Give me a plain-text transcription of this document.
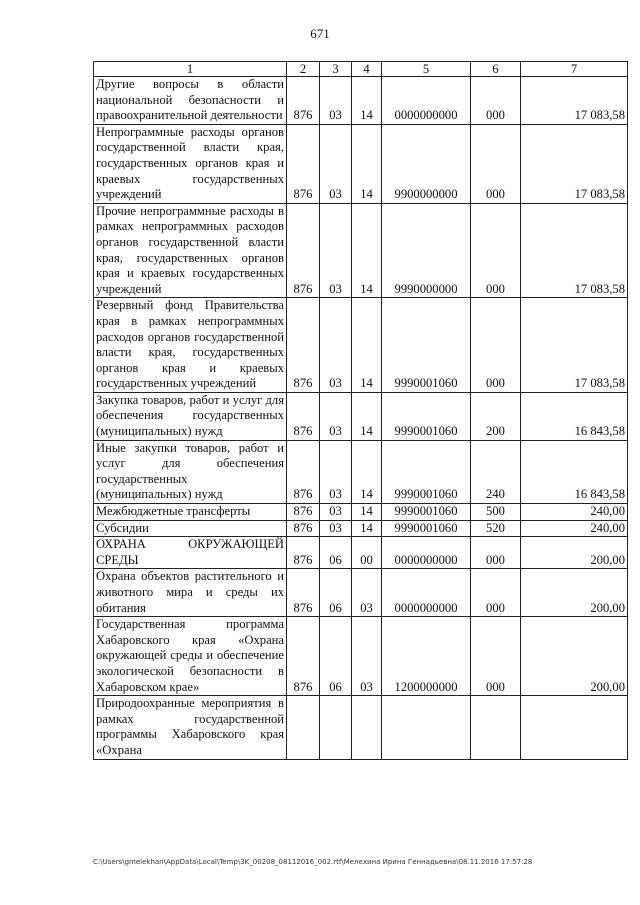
671
1	2	3	4	5	6	7
Другие вопросы в области национальной безопасности и правоохранительной деятельности	876	03	14	0000000000	000	17 083,58
Непрограммные расходы органов государственной власти края, государственных органов края и краевых государственных учреждений	876	03	14	9900000000	000	17 083,58
Прочие непрограммные расходы в рамках непрограммных расходов органов государственной власти края, государственных органов края и краевых государственных учреждений	876	03	14	9990000000	000	17 083,58
Резервный фонд Правительства края в рамках непрограммных расходов органов государственной власти края, государственных органов края и краевых государственных учреждений	876	03	14	9990001060	000	17 083,58
Закупка товаров, работ и услуг для обеспечения государственных (муниципальных) нужд	876	03	14	9990001060	200	16 843,58
Иные закупки товаров, работ и услуг для обеспечения государственных (муниципальных) нужд	876	03	14	9990001060	240	16 843,58
Межбюджетные трансферты	876	03	14	9990001060	500	240,00
Субсидии	876	03	14	9990001060	520	240,00
ОХРАНА ОКРУЖАЮЩЕЙ СРЕДЫ	876	06	00	0000000000	000	200,00
Охрана объектов растительного и животного мира и среды их обитания	876	06	03	0000000000	000	200,00
Государственная программа Хабаровского края «Охрана окружающей среды и обеспечение экологической безопасности в Хабаровском крае»	876	06	03	1200000000	000	200,00
Природоохранные мероприятия в рамках государственной программы Хабаровского края «Охрана						
C:\Users\gmelekhan\AppData\Local\Temp\3K_00208_08112016_002.rtf\Мелехина Ирина Геннадьевна\08.11.2016 17:57:28
